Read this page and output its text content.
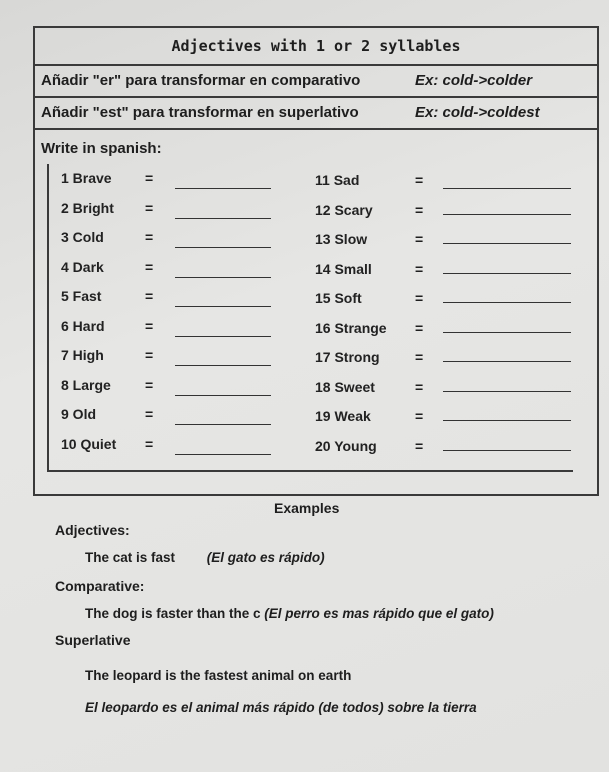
Adjectives with 1 or 2 syllables
Añadir "er" para transformar en comparativo	Ex: cold->colder
Añadir "est" para transformar en superlativo	Ex: cold->coldest
Write in spanish:
1 Brave =
2 Bright =
3 Cold	=
4 Dark	=
5 Fast	=
6 Hard	=
7 High	=
8 Large =
9 Old	=
10 Quiet =
11 Sad	=
12 Scary	=
13 Slow	=
14 Small	=
15 Soft	=
16 Strange =
17 Strong	=
18 Sweet	=
19 Weak	=
20 Young	=
Examples
Adjectives:
The cat is fast (El gato es rápido)
Comparative:
The dog is faster than the c (El perro es mas rápido que el gato)
Superlative
The leopard is the fastest animal on earth
El leopardo es el animal más rápido (de todos) sobre la tierra
